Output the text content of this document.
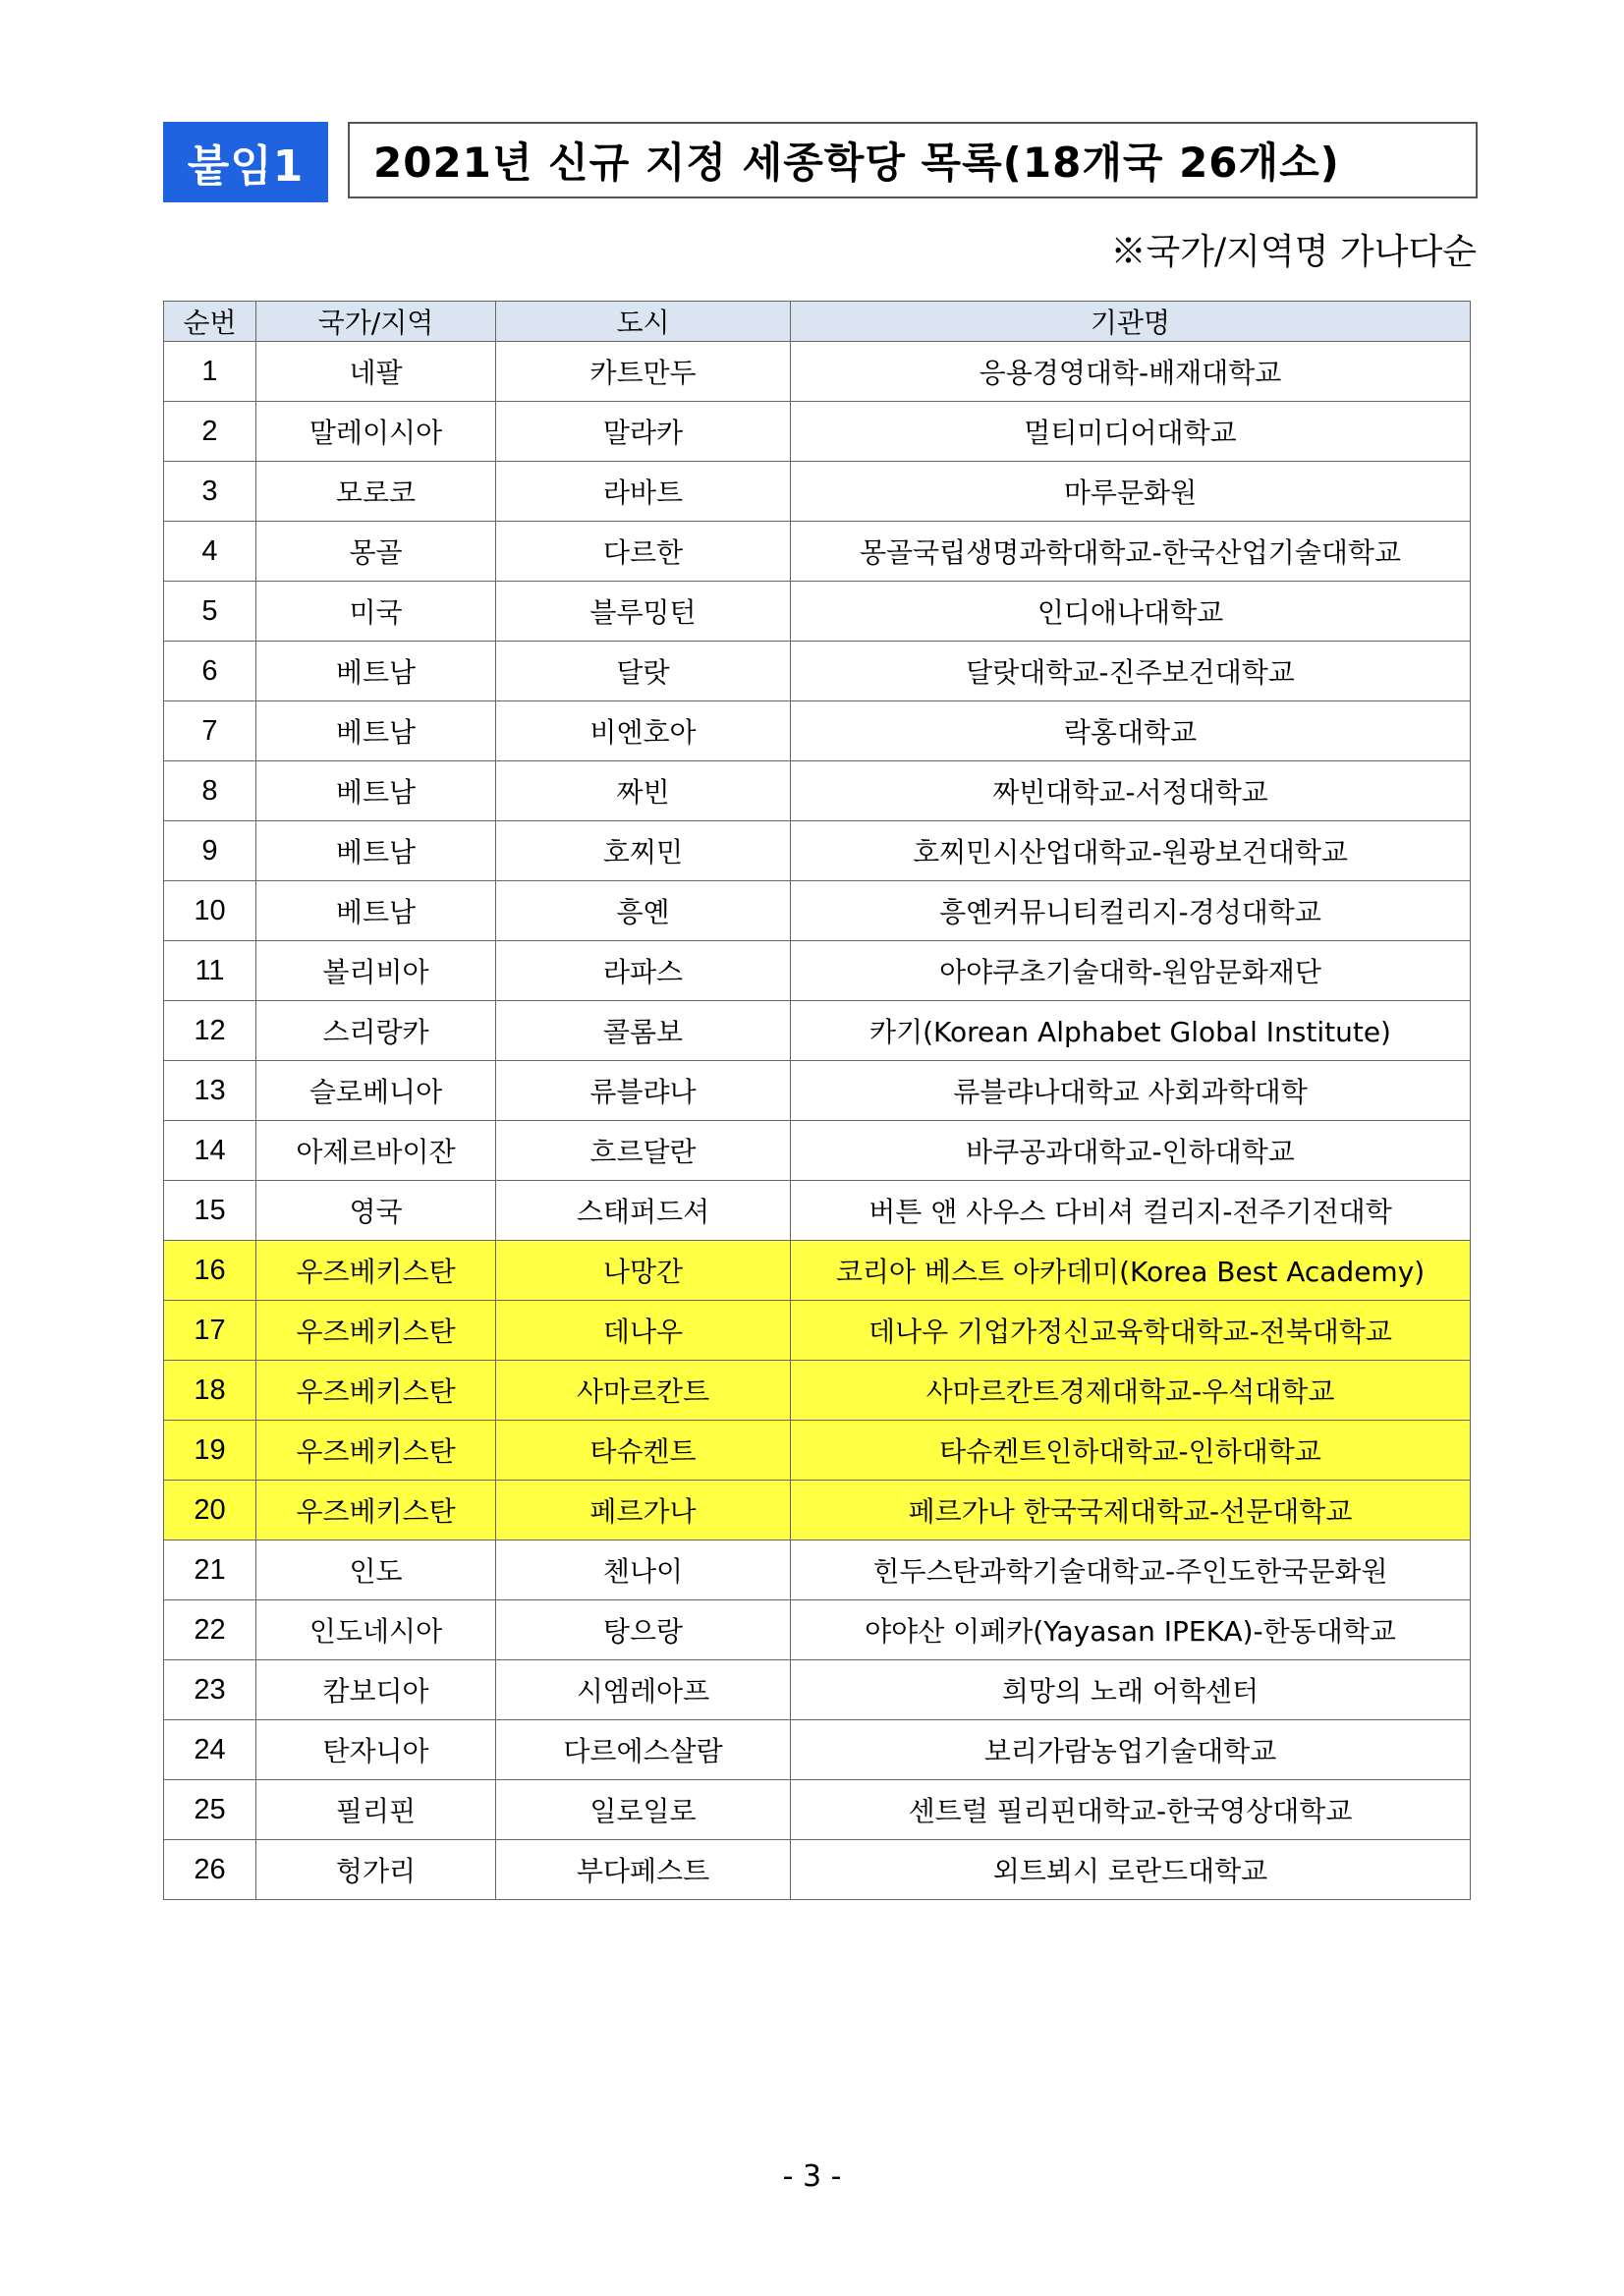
붙임1	2021년 신규 지정 세종학당 목록(18개국 26개소)
※국가/지역명 가나다순
순번	국가/지역	도시	기관명
1	네팔	카트만두	응용경영대학-배재대학교
2	말레이시아	말라카	멀티미디어대학교
3	모로코	라바트	마루문화원
4	몽골	다르한	몽골국립생명과학대학교-한국산업기술대학교
5	미국	블루밍턴	인디애나대학교
6	베트남	달랏	달랏대학교-진주보건대학교
7	베트남	비엔호아	락홍대학교
8	베트남	짜빈	짜빈대학교-서정대학교
9	베트남	호찌민	호찌민시산업대학교-원광보건대학교
10	베트남	흥옌	흥옌커뮤니티컬리지-경성대학교
11	볼리비아	라파스	아야쿠초기술대학-원암문화재단
12	스리랑카	콜롬보	카기(Korean Alphabet Global Institute)
13	슬로베니아	류블랴나	류블랴나대학교 사회과학대학
14	아제르바이잔	흐르달란	바쿠공과대학교-인하대학교
15	영국	스태퍼드셔	버튼 앤 사우스 다비셔 컬리지-전주기전대학
16	우즈베키스탄	나망간	코리아 베스트 아카데미(Korea Best Academy)
17	우즈베키스탄	데나우	데나우 기업가정신교육학대학교-전북대학교
18	우즈베키스탄	사마르칸트	사마르칸트경제대학교-우석대학교
19	우즈베키스탄	타슈켄트	타슈켄트인하대학교-인하대학교
20	우즈베키스탄	페르가나	페르가나 한국국제대학교-선문대학교
21	인도	첸나이	힌두스탄과학기술대학교-주인도한국문화원
22	인도네시아	탕으랑	야야산 이페카(Yayasan IPEKA)-한동대학교
23	캄보디아	시엠레아프	희망의 노래 어학센터
24	탄자니아	다르에스살람	보리가람농업기술대학교
25	필리핀	일로일로	센트럴 필리핀대학교-한국영상대학교
26	헝가리	부다페스트	외트뵈시 로란드대학교
- 3 -
